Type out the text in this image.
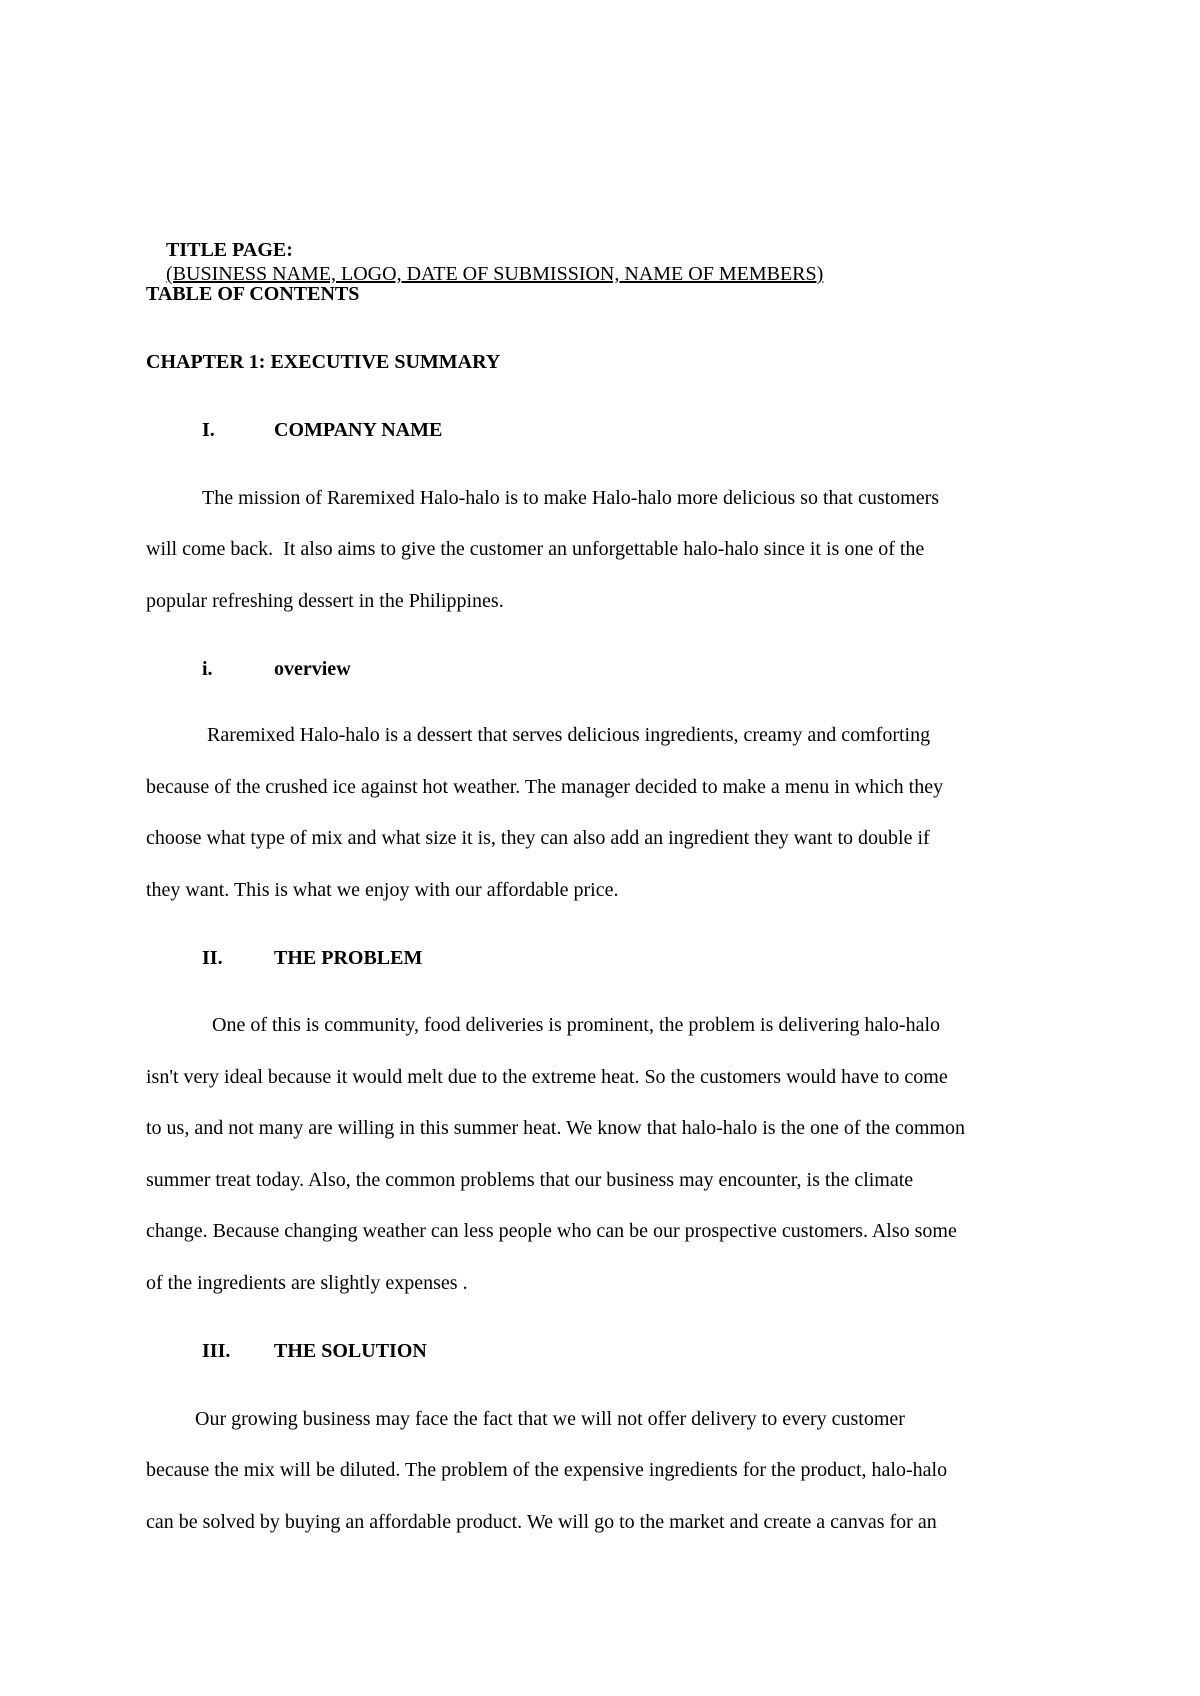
TITLE PAGE:
(BUSINESS NAME, LOGO, DATE OF SUBMISSION, NAME OF MEMBERS)

TABLE OF CONTENTS
CHAPTER 1: EXECUTIVE SUMMARY
I.	COMPANY NAME
The mission of Raremixed Halo-halo is to make Halo-halo more delicious so that customers
will come back.  It also aims to give the customer an unforgettable halo-halo since it is one of the
popular refreshing dessert in the Philippines.
i.	overview
Raremixed Halo-halo is a dessert that serves delicious ingredients, creamy and comforting
because of the crushed ice against hot weather. The manager decided to make a menu in which they
choose what type of mix and what size it is, they can also add an ingredient they want to double if
they want. This is what we enjoy with our affordable price.
II.	THE PROBLEM
One of this is community, food deliveries is prominent, the problem is delivering halo-halo
isn't very ideal because it would melt due to the extreme heat. So the customers would have to come
to us, and not many are willing in this summer heat. We know that halo-halo is the one of the common
summer treat today. Also, the common problems that our business may encounter, is the climate
change. Because changing weather can less people who can be our prospective customers. Also some
of the ingredients are slightly expenses .
III. THE SOLUTION
Our growing business may face the fact that we will not offer delivery to every customer
because the mix will be diluted. The problem of the expensive ingredients for the product, halo-halo
can be solved by buying an affordable product. We will go to the market and create a canvas for an
